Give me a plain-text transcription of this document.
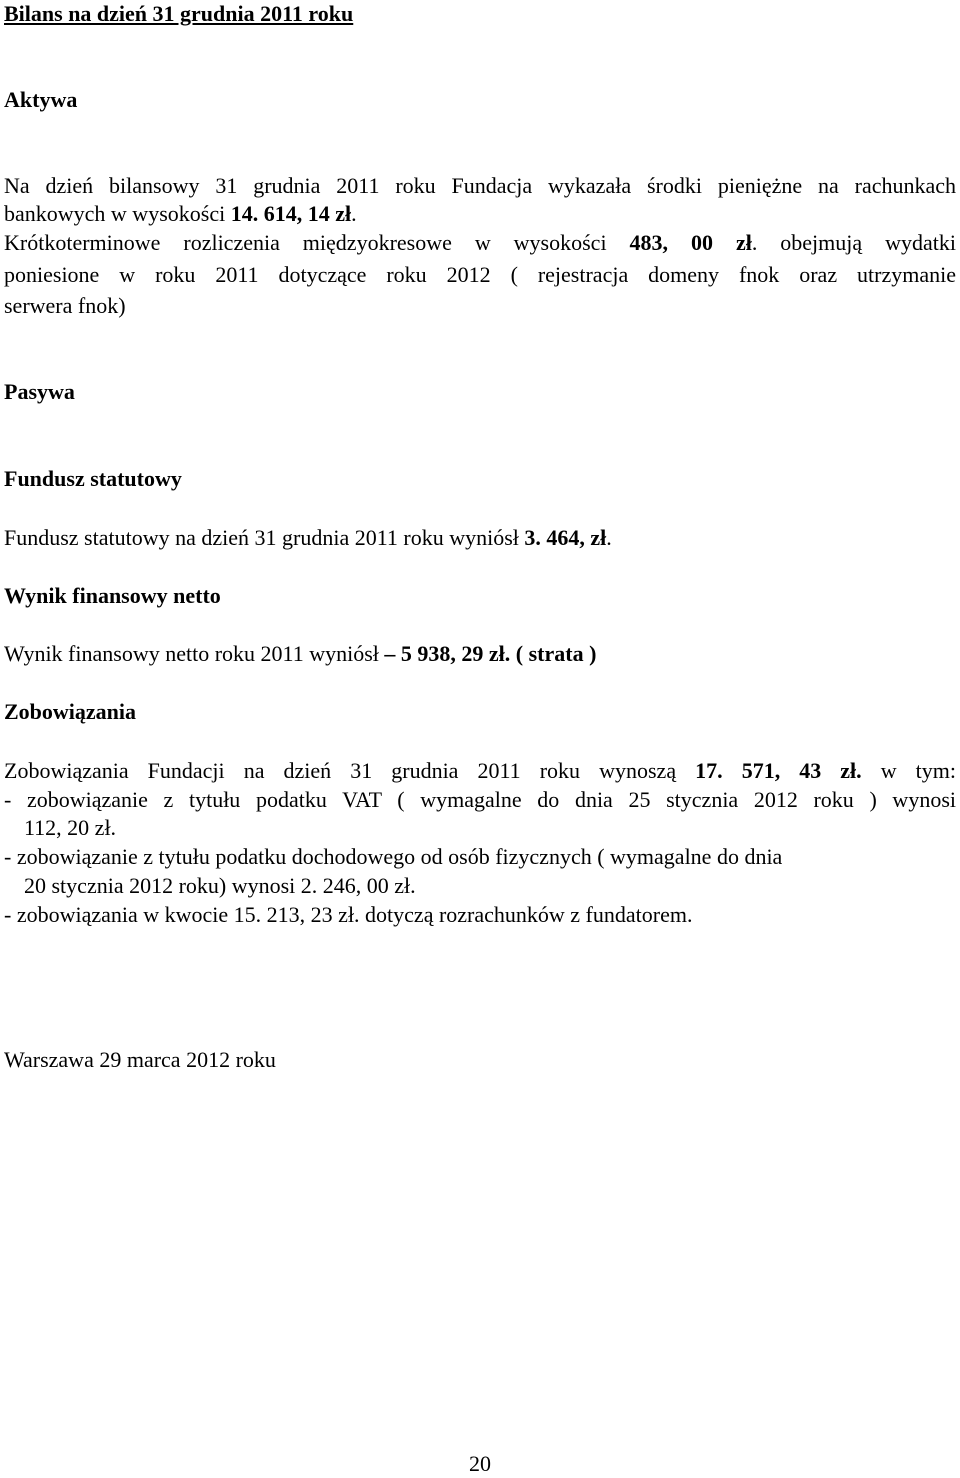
Bilans na dzień 31 grudnia 2011 roku

Aktywa

Na dzień bilansowy 31 grudnia 2011 roku Fundacja wykazała środki pieniężne na rachunkach

bankowych w wysokości 14. 614, 14 zł.

Krótkoterminowe rozliczenia międzyokresowe w wysokości 483, 00 zł. obejmują wydatki

poniesione w roku 2011 dotyczące roku 2012 ( rejestracja domeny fnok oraz utrzymanie

serwera fnok)

Pasywa

Fundusz statutowy

Fundusz statutowy na dzień 31 grudnia 2011 roku wyniósł 3. 464, zł.

Wynik finansowy netto

Wynik finansowy netto roku 2011 wyniósł – 5 938, 29 zł. ( strata )

Zobowiązania

Zobowiązania Fundacji na dzień 31 grudnia 2011 roku wynoszą 17. 571, 43 zł. w tym:

- zobowiązanie z tytułu podatku VAT ( wymagalne do dnia 25 stycznia 2012 roku ) wynosi

112, 20 zł.

- zobowiązanie z tytułu podatku dochodowego od osób fizycznych ( wymagalne do dnia

20 stycznia 2012 roku) wynosi 2. 246, 00 zł.

- zobowiązania w kwocie 15. 213, 23 zł. dotyczą rozrachunków z fundatorem.

Warszawa 29 marca 2012 roku

20
